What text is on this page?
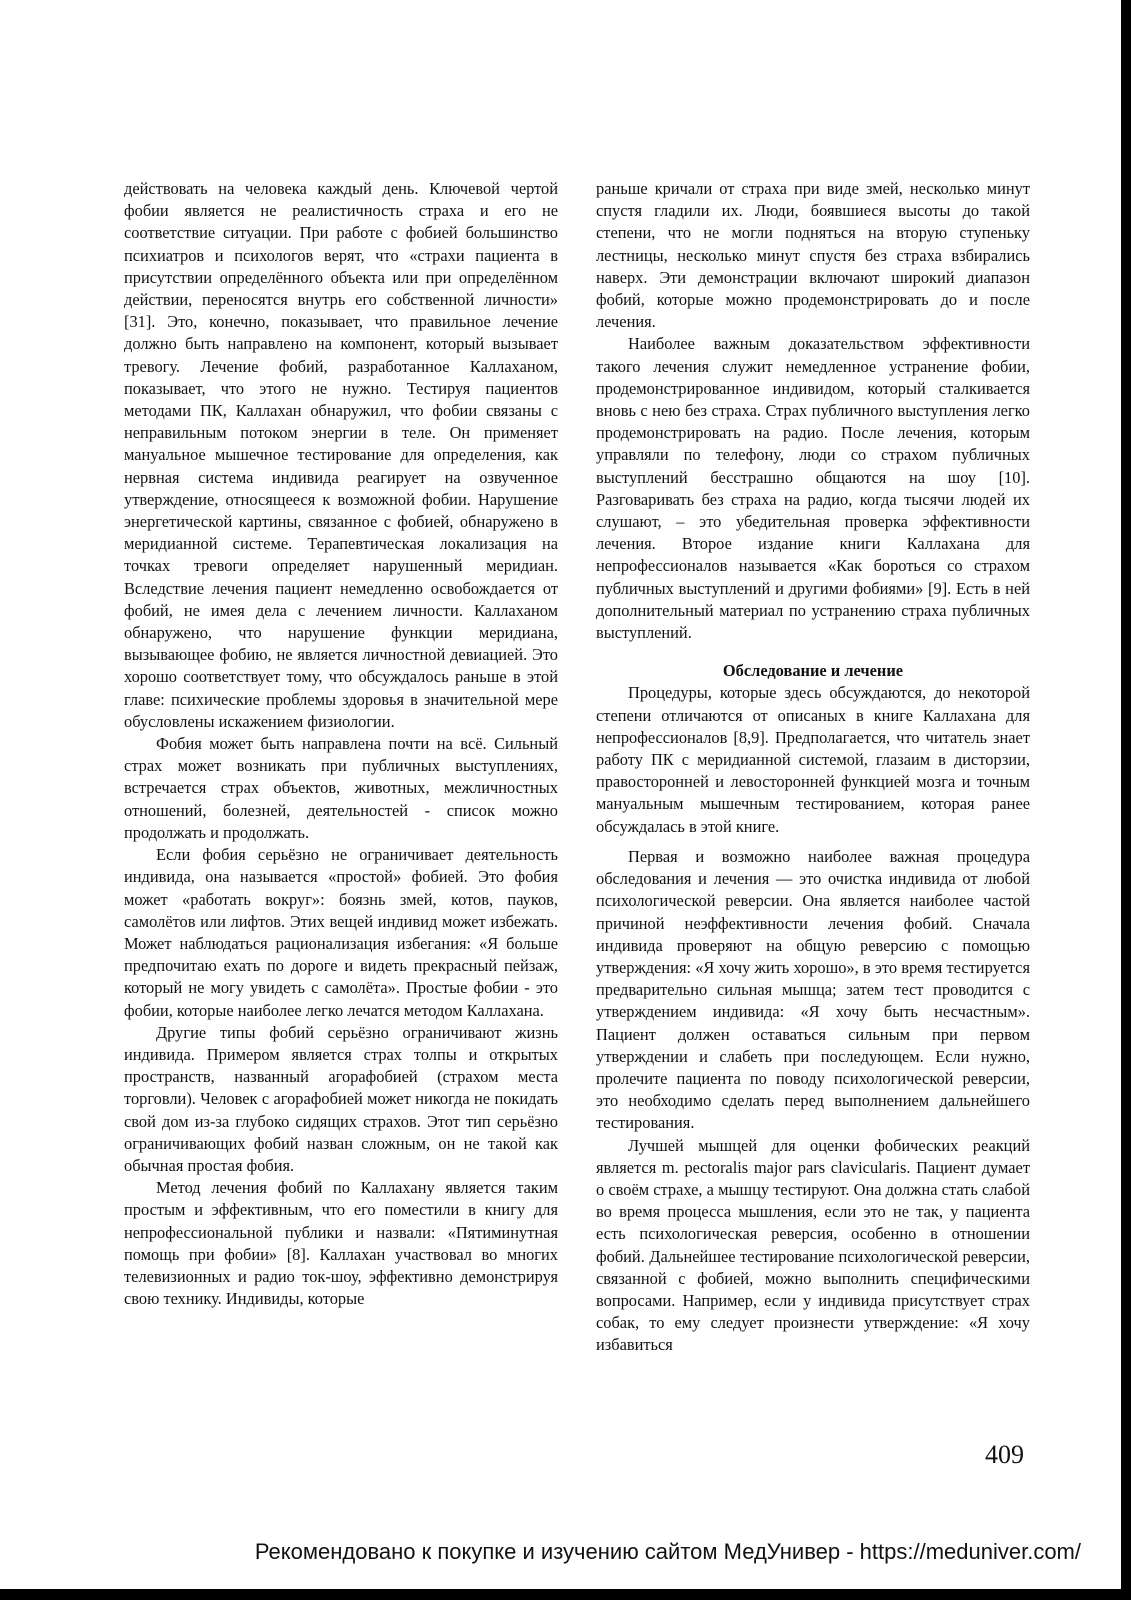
действовать на человека каждый день. Ключевой чертой фобии является не реалистичность страха и его не соответствие ситуации. При работе с фобией большинство психиатров и психологов верят, что «страхи пациента в присутствии определённого объекта или при определённом действии, переносятся внутрь его собственной личности» [31]. Это, конечно, показывает, что правильное лечение должно быть направлено на компонент, который вызывает тревогу. Лечение фобий, разработанное Каллаханом, показывает, что этого не нужно. Тестируя пациентов методами ПК, Каллахан обнаружил, что фобии связаны с неправильным потоком энергии в теле. Он применяет мануальное мышечное тестирование для определения, как нервная система индивида реагирует на озвученное утверждение, относящееся к возможной фобии. Нарушение энергетической картины, связанное с фобией, обнаружено в меридианной системе. Терапевтическая локализация на точках тревоги определяет нарушенный меридиан. Вследствие лечения пациент немедленно освобождается от фобий, не имея дела с лечением личности. Каллаханом обнаружено, что нарушение функции меридиана, вызывающее фобию, не является личностной девиацией. Это хорошо соответствует тому, что обсуждалось раньше в этой главе: психические проблемы здоровья в значительной мере обусловлены искажением физиологии.

Фобия может быть направлена почти на всё. Сильный страх может возникать при публичных выступлениях, встречается страх объектов, животных, межличностных отношений, болезней, деятельностей - список можно продолжать и продолжать.

Если фобия серьёзно не ограничивает деятельность индивида, она называется «простой» фобией. Это фобия может «работать вокруг»: боязнь змей, котов, пауков, самолётов или лифтов. Этих вещей индивид может избежать. Может наблюдаться рационализация избегания: «Я больше предпочитаю ехать по дороге и видеть прекрасный пейзаж, который не могу увидеть с самолёта». Простые фобии - это фобии, которые наиболее легко лечатся методом Каллахана.

Другие типы фобий серьёзно ограничивают жизнь индивида. Примером является страх толпы и открытых пространств, названный агорафобией (страхом места торговли). Человек с агорафобией может никогда не покидать свой дом из-за глубоко сидящих страхов. Этот тип серьёзно ограничивающих фобий назван сложным, он не такой как обычная простая фобия.

Метод лечения фобий по Каллахану является таким простым и эффективным, что его поместили в книгу для непрофессиональной публики и назвали: «Пятиминутная помощь при фобии» [8]. Каллахан участвовал во многих телевизионных и радио ток-шоу, эффективно демонстрируя свою технику. Индивиды, которые

раньше кричали от страха при виде змей, несколько минут спустя гладили их. Люди, боявшиеся высоты до такой степени, что не могли подняться на вторую ступеньку лестницы, несколько минут спустя без страха взбирались наверх. Эти демонстрации включают широкий диапазон фобий, которые можно продемонстрировать до и после лечения.

Наиболее важным доказательством эффективности такого лечения служит немедленное устранение фобии, продемонстрированное индивидом, который сталкивается вновь с нею без страха. Страх публичного выступления легко продемонстрировать на радио. После лечения, которым управляли по телефону, люди со страхом публичных выступлений бесстрашно общаются на шоу [10]. Разговаривать без страха на радио, когда тысячи людей их слушают, – это убедительная проверка эффективности лечения. Второе издание книги Каллахана для непрофессионалов называется «Как бороться со страхом публичных выступлений и другими фобиями» [9]. Есть в ней дополнительный материал по устранению страха публичных выступлений.

Обследование и лечение

Процедуры, которые здесь обсуждаются, до некоторой степени отличаются от описаных в книге Каллахана для непрофессионалов [8,9]. Предполагается, что читатель знает работу ПК с меридианной системой, глазаим в дисторзии, правосторонней и левосторонней функцией мозга и точным мануальным мышечным тестированием, которая ранее обсуждалась в этой книге.

Первая и возможно наиболее важная процедура обследования и лечения — это очистка индивида от любой психологической реверсии. Она является наиболее частой причиной неэффективности лечения фобий. Сначала индивида проверяют на общую реверсию с помощью утверждения: «Я хочу жить хорошо», в это время тестируется предварительно сильная мышца; затем тест проводится с утверждением индивида: «Я хочу быть несчастным». Пациент должен оставаться сильным при первом утверждении и слабеть при последующем. Если нужно, пролечите пациента по поводу психологической реверсии, это необходимо сделать перед выполнением дальнейшего тестирования.

Лучшей мышцей для оценки фобических реакций является m. pectoralis major pars clavicularis. Пациент думает о своём страхе, а мышцу тестируют. Она должна стать слабой во время процесса мышления, если это не так, у пациента есть психологическая реверсия, особенно в отношении фобий. Дальнейшее тестирование психологической реверсии, связанной с фобией, можно выполнить специфическими вопросами. Например, если у индивида присутствует страх собак, то ему следует произнести утверждение: «Я хочу избавиться

409
Рекомендовано к покупке и изучению сайтом МедУнивер - https://meduniver.com/
